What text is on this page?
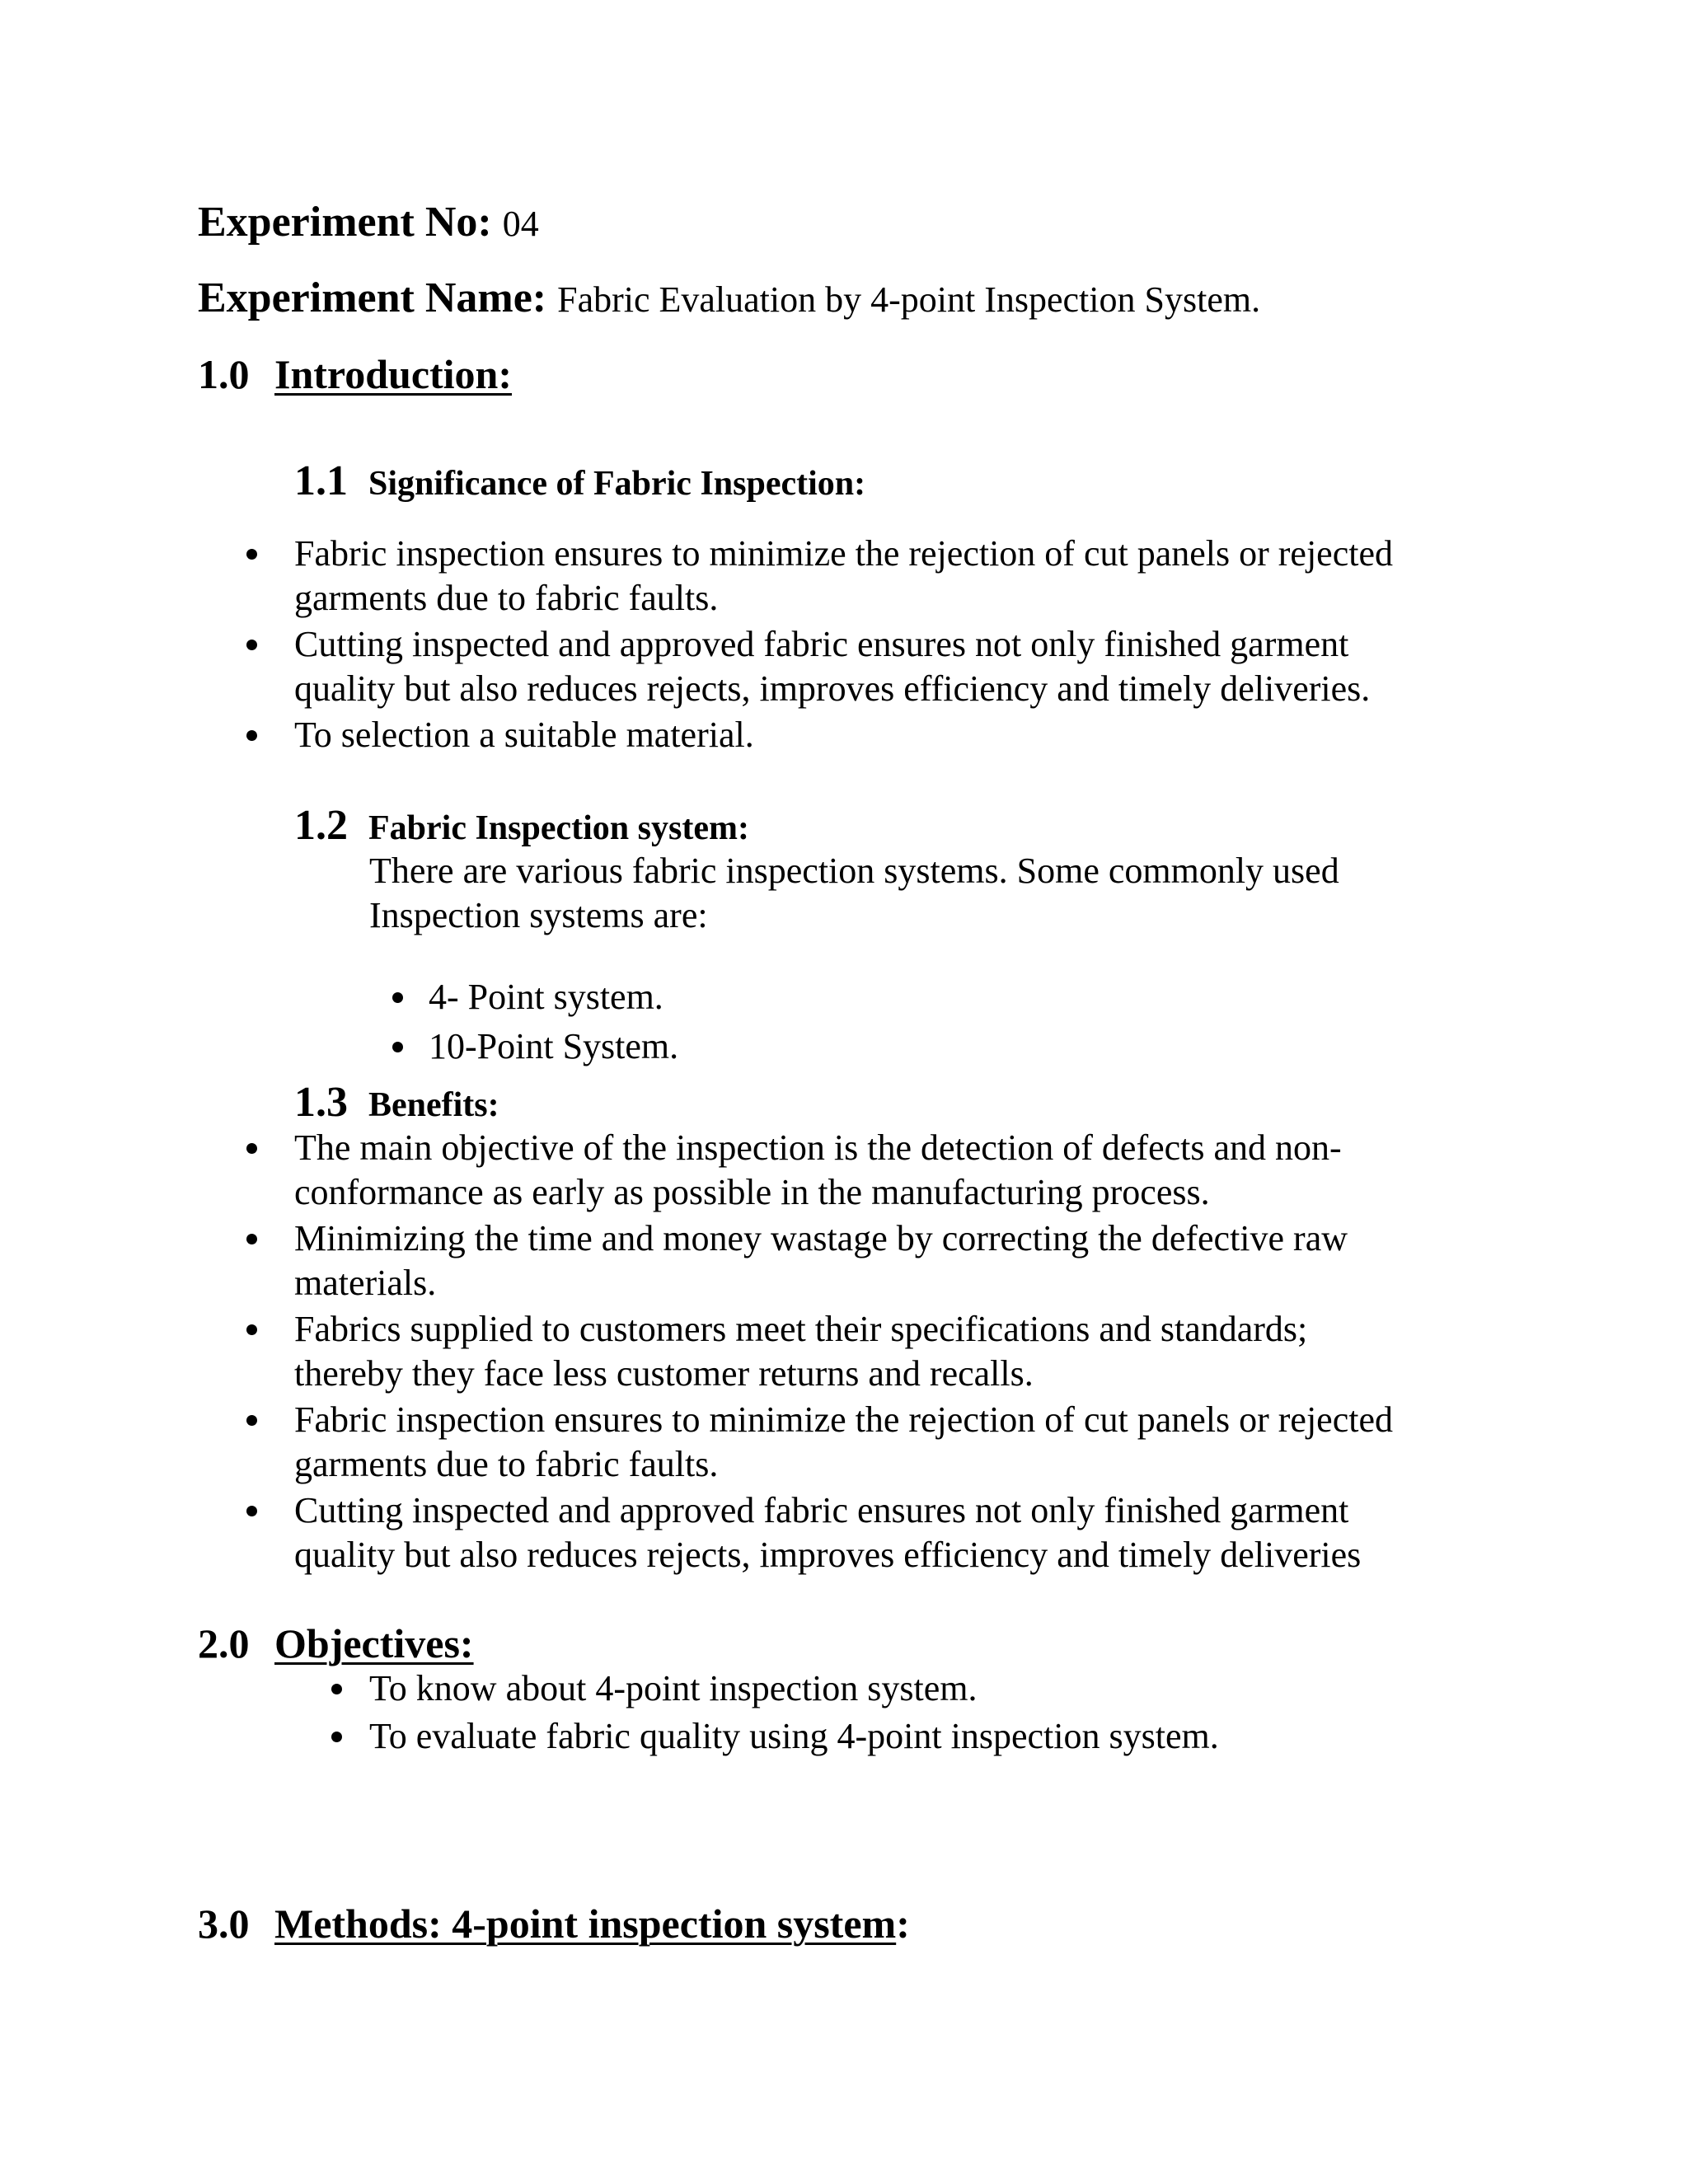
Experiment No: 04
Experiment Name: Fabric Evaluation by 4-point Inspection System.
1.0 Introduction:
1.1 Significance of Fabric Inspection:
Fabric inspection ensures to minimize the rejection of cut panels or rejected
garments due to fabric faults.
Cutting inspected and approved fabric ensures not only finished garment
quality but also reduces rejects, improves efficiency and timely deliveries.
To selection a suitable material.
1.2 Fabric Inspection system:
There are various fabric inspection systems. Some commonly used
Inspection systems are:
4- Point system.
10-Point System.
1.3 Benefits:
The main objective of the inspection is the detection of defects and non-
conformance as early as possible in the manufacturing process.
Minimizing the time and money wastage by correcting the defective raw
materials.
Fabrics supplied to customers meet their specifications and standards;
thereby they face less customer returns and recalls.
Fabric inspection ensures to minimize the rejection of cut panels or rejected
garments due to fabric faults.
Cutting inspected and approved fabric ensures not only finished garment
quality but also reduces rejects, improves efficiency and timely deliveries
2.0 Objectives:
To know about 4-point inspection system.
To evaluate fabric quality using 4-point inspection system.
3.0 Methods: 4-point inspection system:
